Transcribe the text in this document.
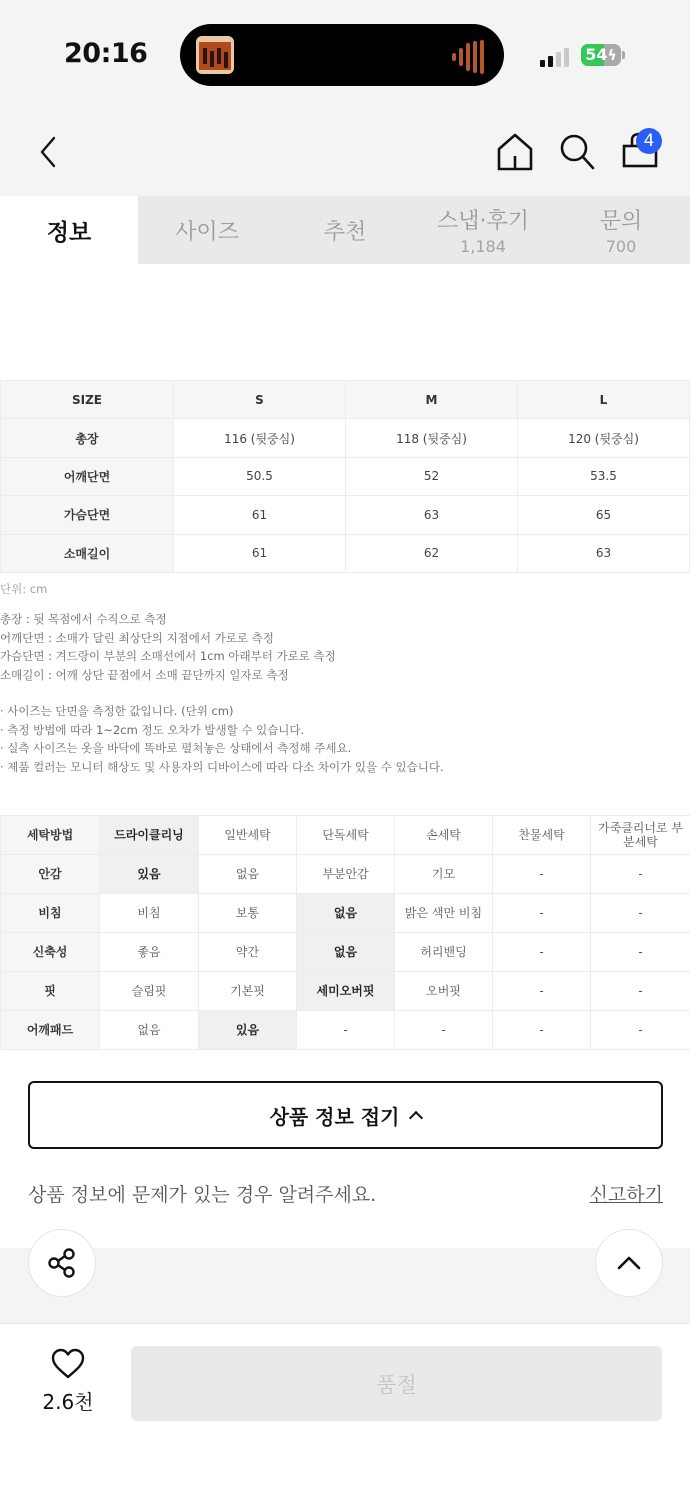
20:16	54ϟ
4
정보	사이즈	추천	스냅·후기
1,184
문의
700
SIZE	S	M	L
총장	116 (뒷중심)	118 (뒷중심)	120 (뒷중심)
어깨단면	50.5	52	53.5
가슴단면	61	63	65
소매길이	61	62	63
단위: cm
총장 : 뒷 목점에서 수직으로 측정
어깨단면 : 소매가 달린 최상단의 지점에서 가로로 측정
가슴단면 : 겨드랑이 부분의 소매선에서 1cm 아래부터 가로로 측정
소매길이 : 어깨 상단 끝점에서 소매 끝단까지 일자로 측정
· 사이즈는 단면을 측정한 값입니다. (단위 cm)
· 측정 방법에 따라 1~2cm 정도 오차가 발생할 수 있습니다.
· 실측 사이즈는 옷을 바닥에 똑바로 펼쳐놓은 상태에서 측정해 주세요.
· 제품 컬러는 모니터 해상도 및 사용자의 디바이스에 따라 다소 차이가 있을 수 있습니다.
세탁방법	드라이클리닝	일반세탁	단독세탁	손세탁	찬물세탁	가죽클리너로 부분세탁
안감	있음	없음	부분안감	기모	-	-
비침	비침	보통	없음	밝은 색만 비침	-	-
신축성	좋음	약간	없음	허리밴딩	-	-
핏	슬림핏	기본핏	세미오버핏	오버핏	-	-
어깨패드	없음	있음	-	-	-	-
상품 정보 접기
상품 정보에 문제가 있는 경우 알려주세요.	신고하기
2.6천
품절
